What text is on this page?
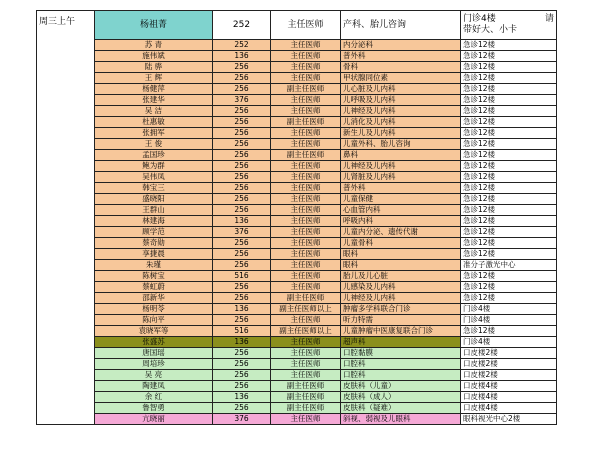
周三上午	杨祖菁	252	主任医师	产科、胎儿咨询	门诊4楼 请

带好大、小卡
	苏 青	252	主任医师	内分泌科	急诊12楼
	施伟斌	136	主任医师	普外科	急诊12楼
	陆 骅	256	主任医师	骨科	急诊12楼
	王 辉	256	主任医师	甲状腺同位素	急诊12楼
	杨健萍	256	副主任医师	儿心脏及儿内科	急诊12楼
	张建华	376	主任医师	儿呼吸及儿内科	急诊12楼
	吴 洁	256	主任医师	儿神经及儿内科	急诊12楼
	杜惠敏	256	副主任医师	儿消化及儿内科	急诊12楼
	张拥军	256	主任医师	新生儿及儿内科	急诊12楼
	王 俊	256	主任医师	儿童外科、胎儿咨询	急诊12楼
	孟国珍	256	副主任医师	鼻科	急诊12楼
	鲍为群	256	主任医师	儿神经及儿内科	急诊12楼
	吴伟凤	256	主任医师	儿肾脏及儿内科	急诊12楼
	韩宝三	256	主任医师	普外科	急诊12楼
	盛晓阳	256	主任医师	儿童保健	急诊12楼
	王群山	256	主任医师	心血管内科	急诊12楼
	林建海	136	主任医师	呼吸内科	急诊12楼
	顾学范	376	主任医师	儿童内分泌、遗传代谢	急诊12楼
	蔡奇勋	256	主任医师	儿童骨科	急诊12楼
	享捷晨	256	主任医师	眼科	急诊12楼
	朱瑾	256	主任医师	眼科	准分子激光中心
	陈树宝	516	主任医师	胎儿及儿心脏	急诊12楼
	蔡虹蔚	256	主任医师	儿感染及儿内科	急诊12楼
	邵新华	256	副主任医师	儿神经及儿内科	急诊12楼
	杨明苓	136	副主任医师以上	肿瘤多学科联合门诊	门诊4楼
	陈向平	256	主任医师	听力特需	门诊4楼
	袁晓军等	516	副主任医师以上	儿童肿瘤中医康复联合门诊	急诊12楼
	张盛苏	136	主任医师	超声科	门诊4楼
	唐国瑶	256	主任医师	口腔黏膜	口皮楼2楼
	周培珍	256	主任医师	口腔科	口皮楼2楼
	吴 亮	256	主任医师	口腔科	口皮楼2楼
	陶建凤	256	副主任医师	皮肤科（儿童）	口皮楼4楼
	余 红	136	副主任医师	皮肤科（成人）	口皮楼4楼
	鲁智勇	256	副主任医师	皮肤科（疑难）	口皮楼4楼
	亢晓丽	376	主任医师	斜视、弱视及儿眼科	眼科视光中心2楼
